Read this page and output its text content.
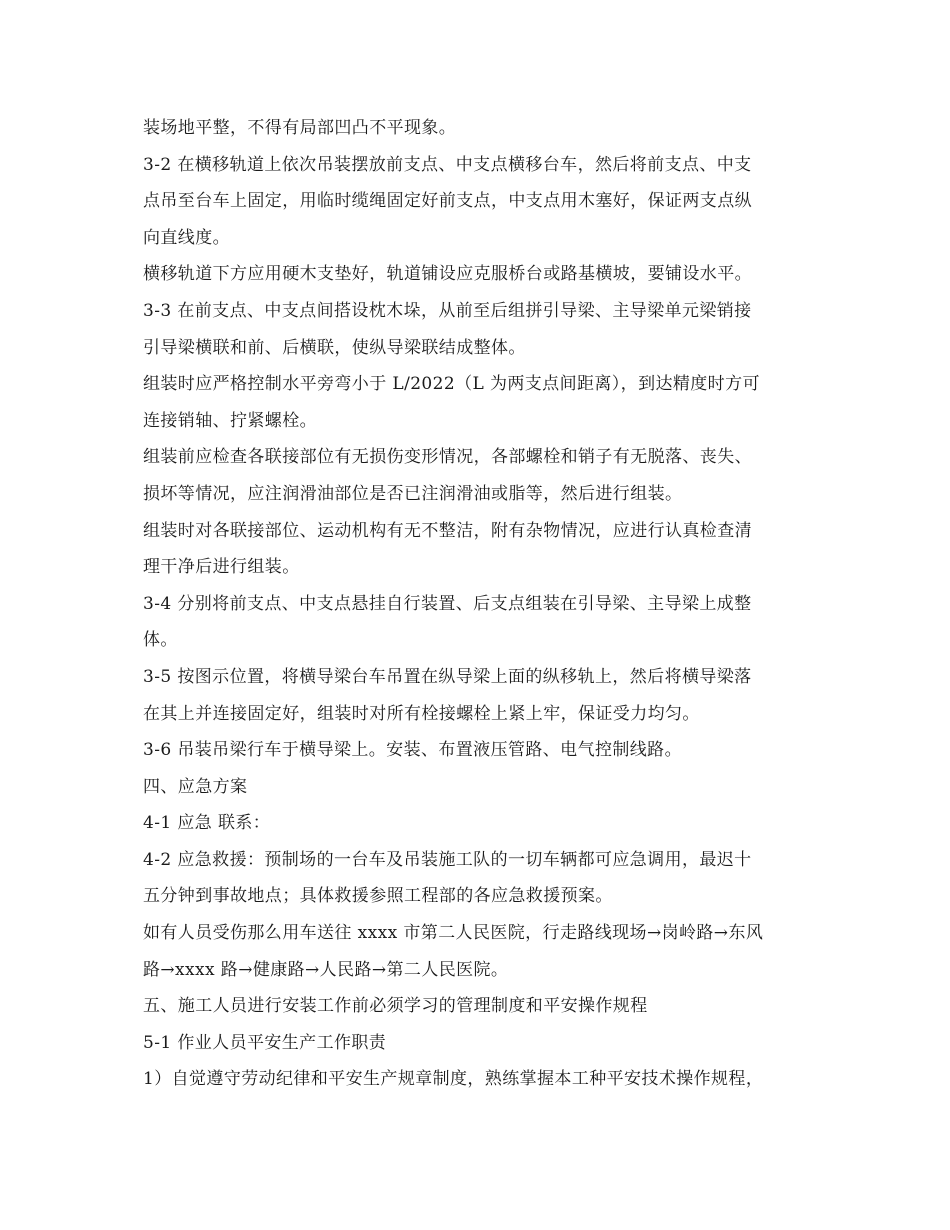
装场地平整，不得有局部凹凸不平现象。
3-2 在横移轨道上依次吊装摆放前支点、中支点横移台车，然后将前支点、中支
点吊至台车上固定，用临时缆绳固定好前支点，中支点用木塞好，保证两支点纵
向直线度。
横移轨道下方应用硬木支垫好，轨道铺设应克服桥台或路基横坡，要铺设水平。
3-3 在前支点、中支点间搭设枕木垛，从前至后组拼引导梁、主导梁单元梁销接
引导梁横联和前、后横联，使纵导梁联结成整体。
组装时应严格控制水平旁弯小于 L/2022（L 为两支点间距离），到达精度时方可
连接销轴、拧紧螺栓。
组装前应检查各联接部位有无损伤变形情况，各部螺栓和销子有无脱落、丧失、
损坏等情况，应注润滑油部位是否已注润滑油或脂等，然后进行组装。
组装时对各联接部位、运动机构有无不整洁，附有杂物情况，应进行认真检查清
理干净后进行组装。
3-4 分别将前支点、中支点悬挂自行装置、后支点组装在引导梁、主导梁上成整
体。
3-5 按图示位置，将横导梁台车吊置在纵导梁上面的纵移轨上，然后将横导梁落
在其上并连接固定好，组装时对所有栓接螺栓上紧上牢，保证受力均匀。
3-6 吊装吊梁行车于横导梁上。安装、布置液压管路、电气控制线路。
四、应急方案
4-1 应急 联系：
4-2 应急救援：预制场的一台车及吊装施工队的一切车辆都可应急调用，最迟十
五分钟到事故地点；具体救援参照工程部的各应急救援预案。
如有人员受伤那么用车送往 xxxx 市第二人民医院，行走路线现场→岗岭路→东风
路→xxxx 路→健康路→人民路→第二人民医院。
五、施工人员进行安装工作前必须学习的管理制度和平安操作规程
5-1 作业人员平安生产工作职责
1）自觉遵守劳动纪律和平安生产规章制度，熟练掌握本工种平安技术操作规程，
